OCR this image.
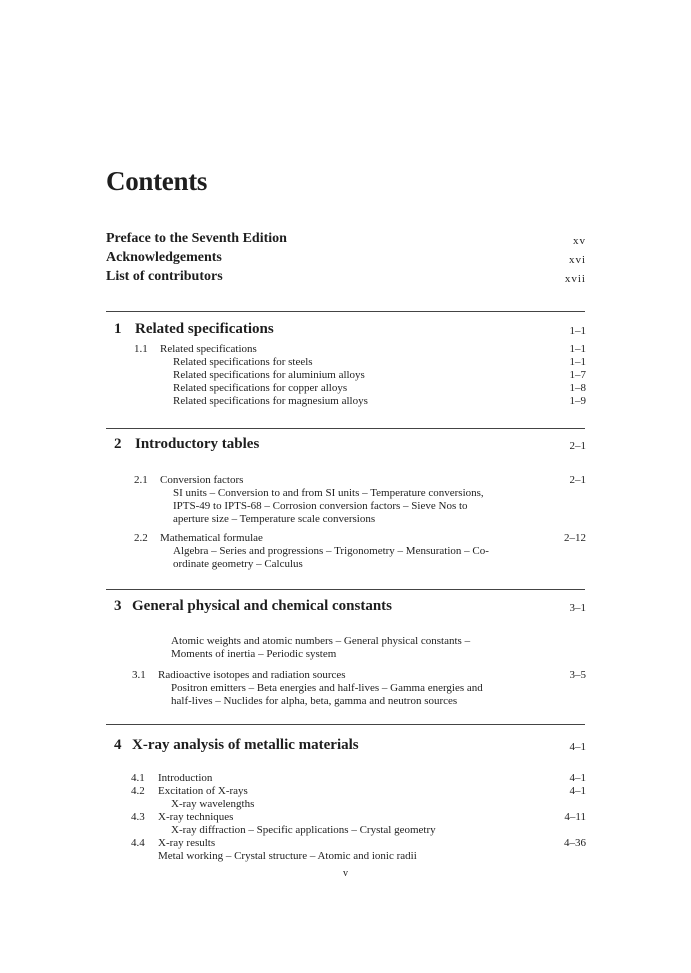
Contents
Preface to the Seventh Edition	xv
Acknowledgements	xvi
List of contributors	xvii
1 Related specifications	1–1
1.1 Related specifications	1–1
Related specifications for steels	1–1
Related specifications for aluminium alloys	1–7
Related specifications for copper alloys	1–8
Related specifications for magnesium alloys	1–9
2 Introductory tables	2–1
2.1 Conversion factors	2–1
SI units – Conversion to and from SI units – Temperature conversions,
IPTS-49 to IPTS-68 – Corrosion conversion factors – Sieve Nos to
aperture size – Temperature scale conversions
2.2 Mathematical formulae	2–12
Algebra – Series and progressions – Trigonometry – Mensuration – Co-
ordinate geometry – Calculus
3 General physical and chemical constants	3–1
Atomic weights and atomic numbers – General physical constants –
Moments of inertia – Periodic system
3.1 Radioactive isotopes and radiation sources	3–5
Positron emitters – Beta energies and half-lives – Gamma energies and
half-lives – Nuclides for alpha, beta, gamma and neutron sources
4 X-ray analysis of metallic materials	4–1
4.1 Introduction	4–1
4.2 Excitation of X-rays	4–1
X-ray wavelengths
4.3 X-ray techniques	4–11
X-ray diffraction – Specific applications – Crystal geometry
4.4 X-ray results	4–36
Metal working – Crystal structure – Atomic and ionic radii
v
